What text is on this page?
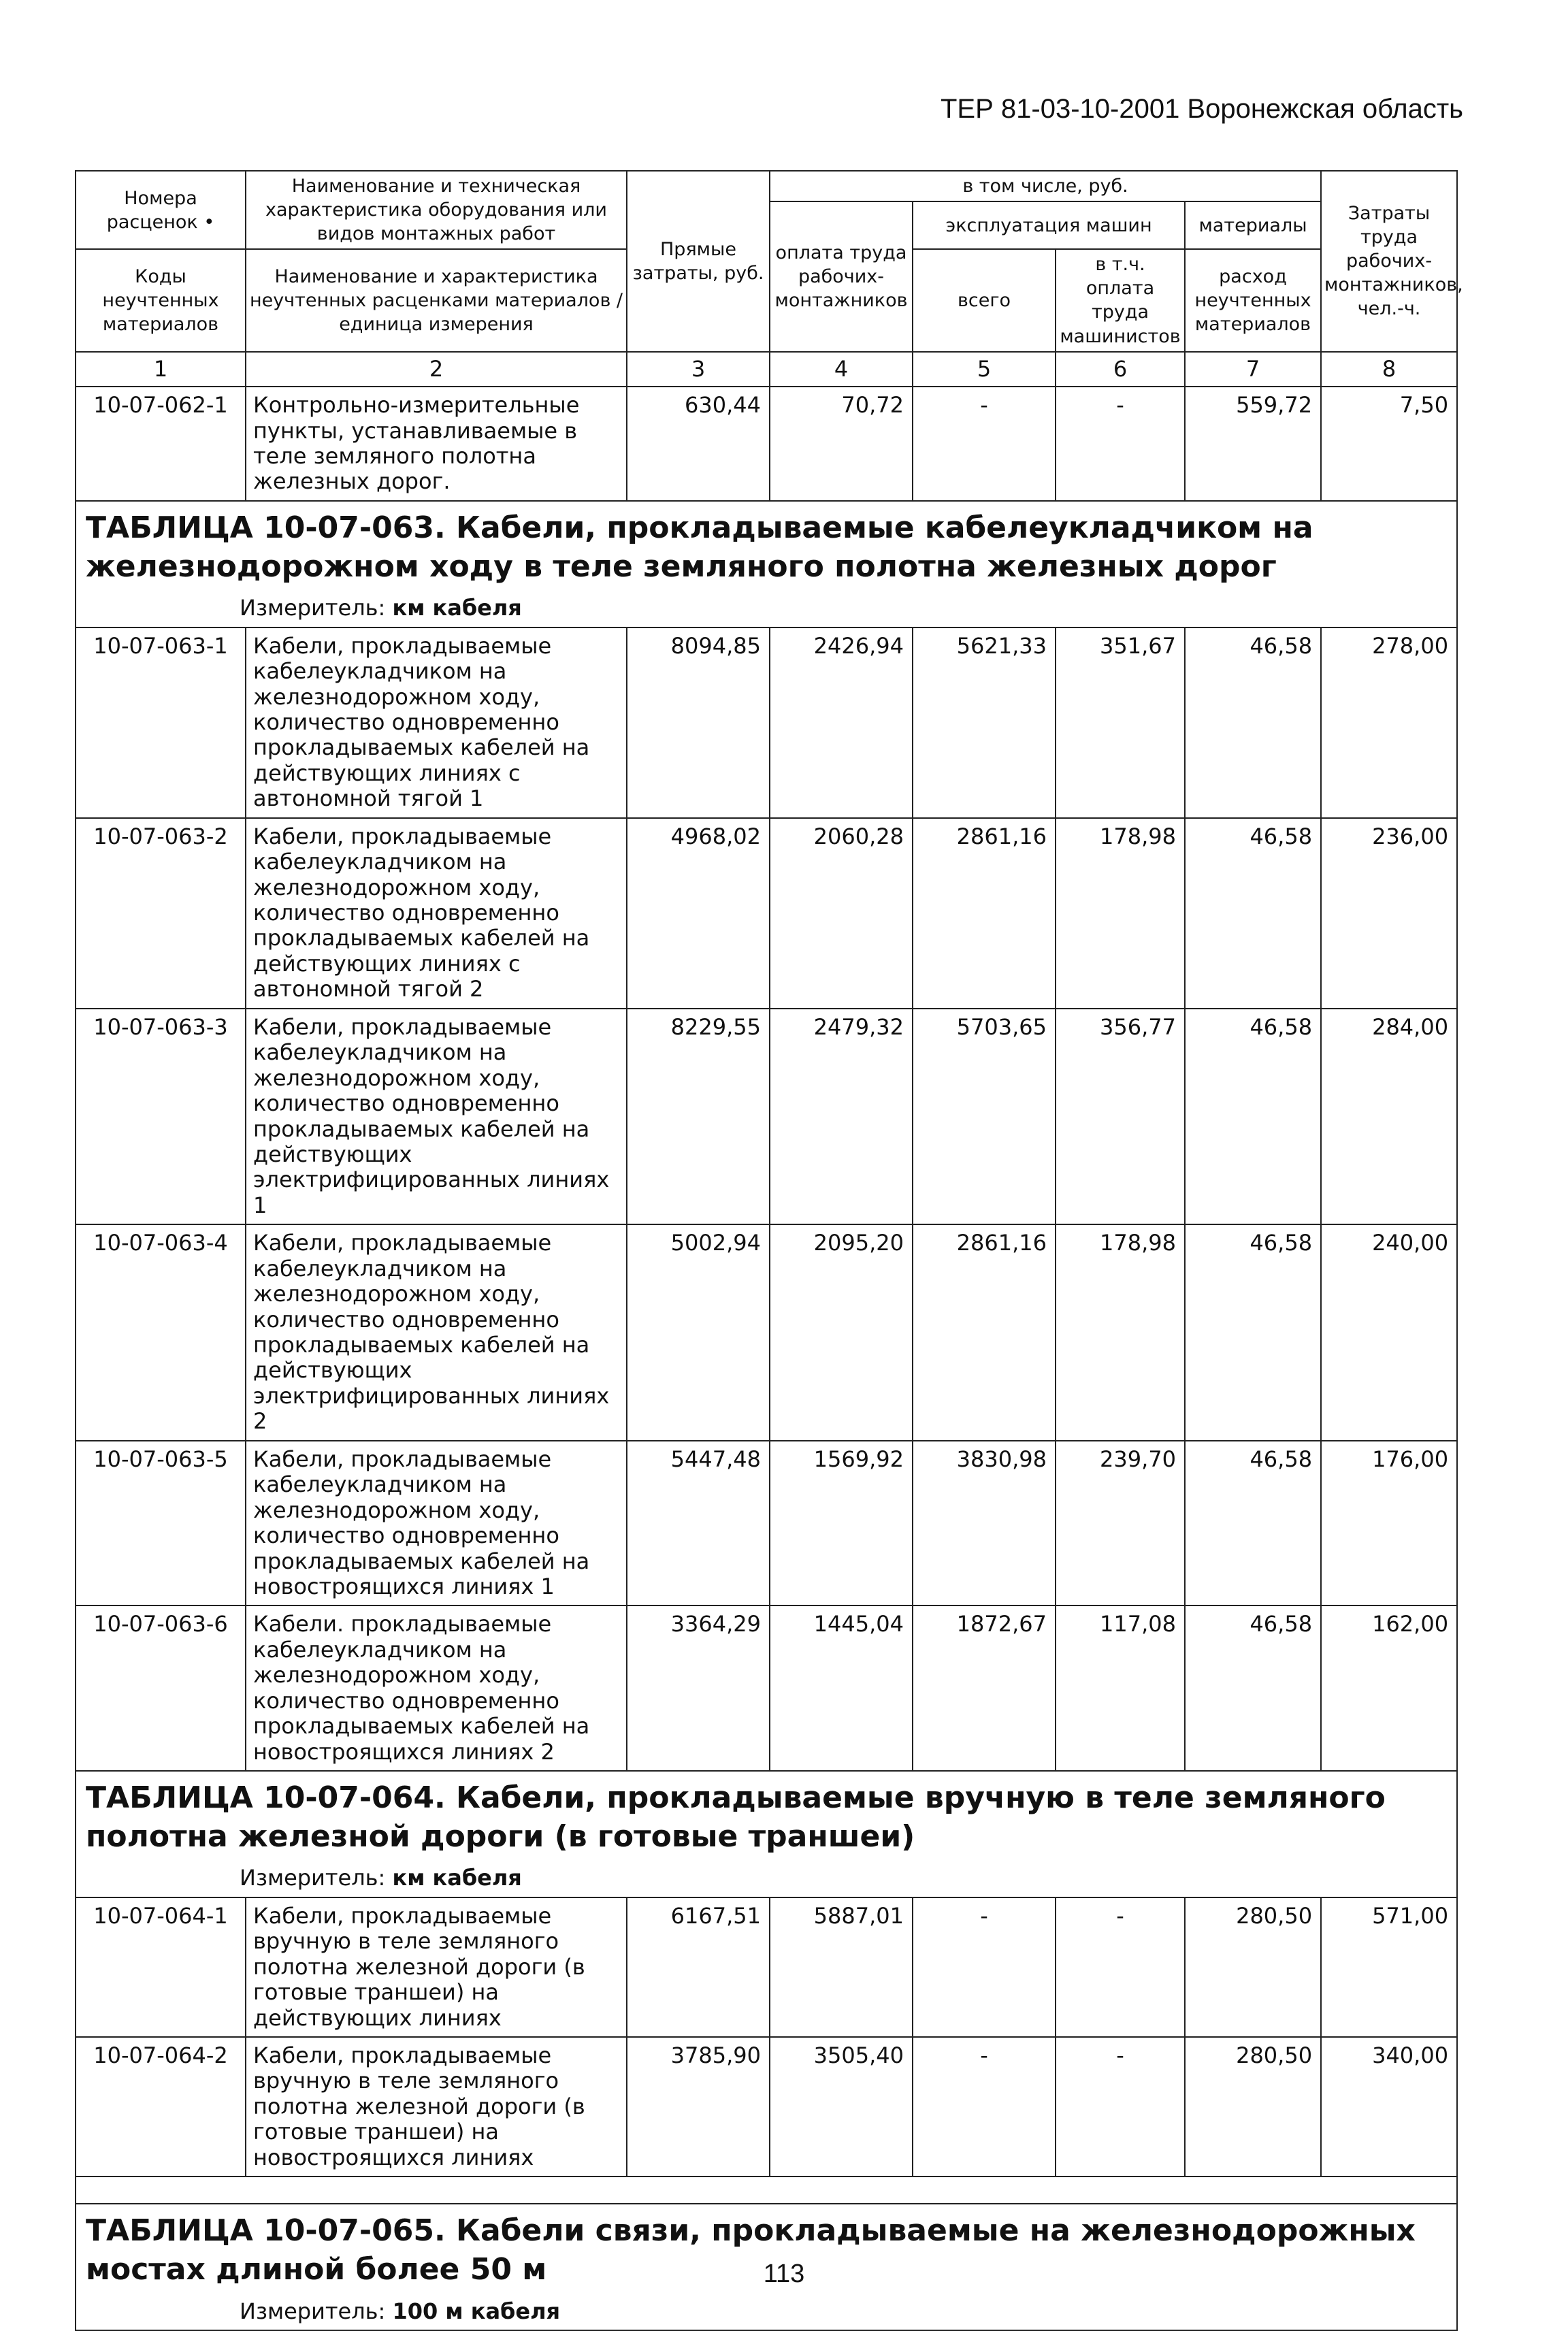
ТЕР 81-03-10-2001 Воронежская область
Номера расценок •	Наименование и техническая характеристика оборудования или видов монтажных работ	Прямые затраты, руб.	в том числе, руб.				Затраты труда рабочих-монтажников, чел.-ч.
			оплата труда рабочих-монтажников	эксплуатация машин		материалы	
Коды неучтенных материалов	Наименование и характеристика неучтенных расценками материалов / единица измерения			всего	в т.ч. оплата труда машинистов	расход неучтенных материалов	

1	2	3	4	5	6	7	8
10-07-062-1	Контрольно-измерительные пункты, устанавливаемые в теле земляного полотна железных дорог.	630,44	70,72	-	-	559,72	7,50
ТАБЛИЦА 10-07-063. Кабели, прокладываемые кабелеукладчиком на железнодорожном ходу в теле земляного полотна железных дорог							
Измеритель: км кабеля							
10-07-063-1	Кабели, прокладываемые кабелеукладчиком на железнодорожном ходу, количество одновременно прокладываемых кабелей на действующих линиях с автономной тягой 1	8094,85	2426,94	5621,33	351,67	46,58	278,00
10-07-063-2	Кабели, прокладываемые кабелеукладчиком на железнодорожном ходу, количество одновременно прокладываемых кабелей на действующих линиях с автономной тягой 2	4968,02	2060,28	2861,16	178,98	46,58	236,00
10-07-063-3	Кабели, прокладываемые кабелеукладчиком на железнодорожном ходу, количество одновременно прокладываемых кабелей на действующих электрифицированных линиях 1	8229,55	2479,32	5703,65	356,77	46,58	284,00
10-07-063-4	Кабели, прокладываемые кабелеукладчиком на железнодорожном ходу, количество одновременно прокладываемых кабелей на действующих электрифицированных линиях 2	5002,94	2095,20	2861,16	178,98	46,58	240,00
10-07-063-5	Кабели, прокладываемые кабелеукладчиком на железнодорожном ходу, количество одновременно прокладываемых кабелей на новостроящихся линиях 1	5447,48	1569,92	3830,98	239,70	46,58	176,00
10-07-063-6	Кабели. прокладываемые кабелеукладчиком на железнодорожном ходу, количество одновременно прокладываемых кабелей на новостроящихся линиях 2	3364,29	1445,04	1872,67	117,08	46,58	162,00
ТАБЛИЦА 10-07-064. Кабели, прокладываемые вручную в теле земляного полотна железной дороги (в готовые траншеи)							
Измеритель: км кабеля							
10-07-064-1	Кабели, прокладываемые вручную в теле земляного полотна железной дороги (в готовые траншеи) на действующих линиях	6167,51	5887,01	-	-	280,50	571,00
10-07-064-2	Кабели, прокладываемые вручную в теле земляного полотна железной дороги (в готовые траншеи) на новостроящихся линиях	3785,90	3505,40	-	-	280,50	340,00

ТАБЛИЦА 10-07-065. Кабели связи, прокладываемые на железнодорожных мостах длиной более 50 м							
Измеритель: 100 м кабеля							
113
